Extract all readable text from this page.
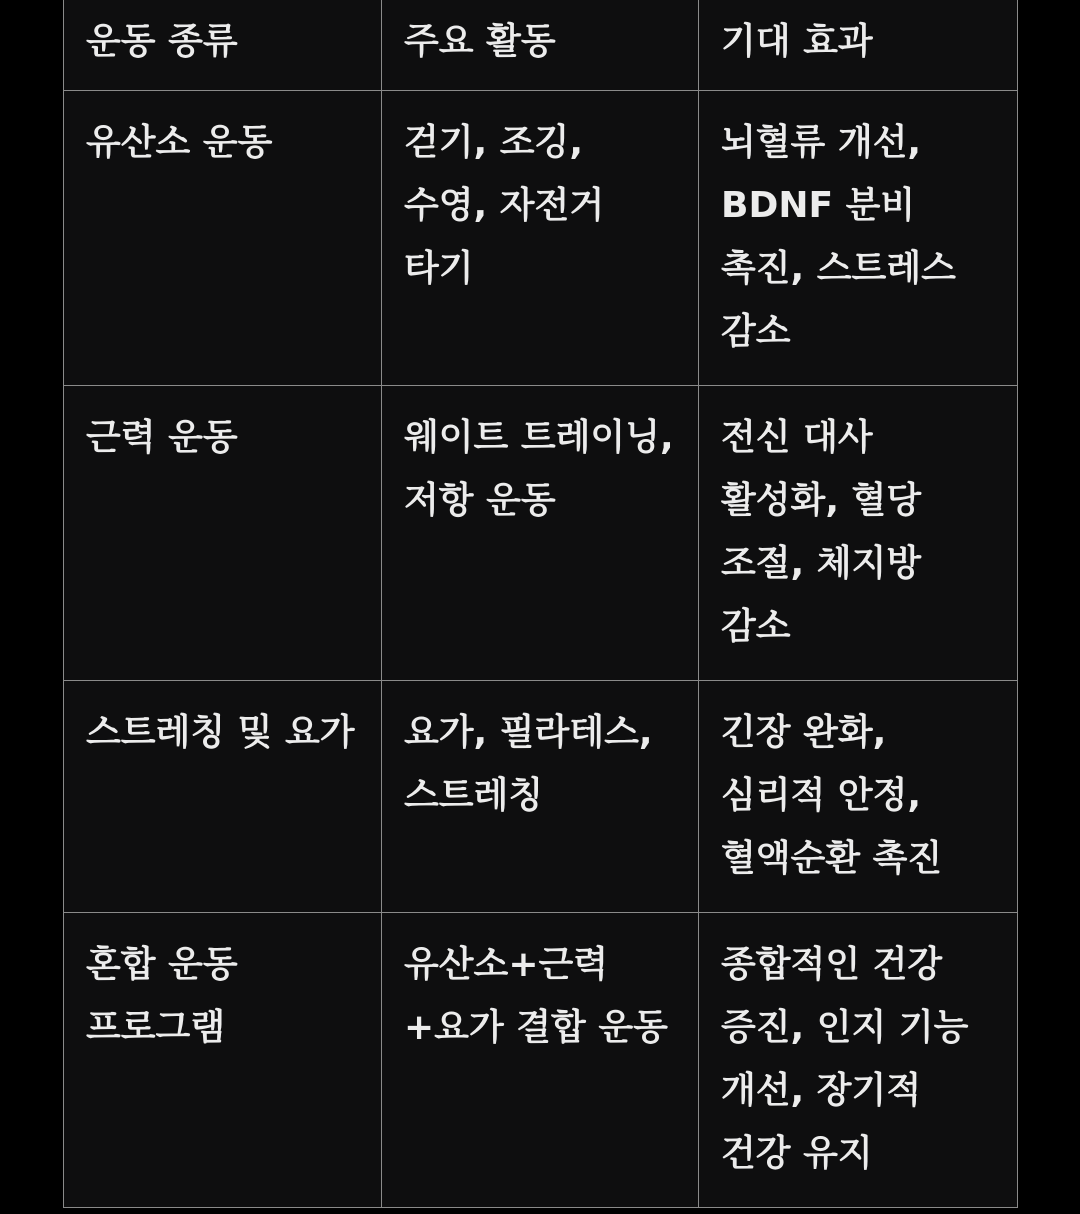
운동 종류	주요 활동	기대 효과

유산소 운동	걷기, 조깅, 수영, 자전거 타기	뇌혈류 개선, BDNF 분비 촉진, 스트레스 감소

근력 운동	웨이트 트레이닝, 저항 운동	전신 대사 활성화, 혈당 조절, 체지방 감소

스트레칭 및 요가	요가, 필라테스, 스트레칭	긴장 완화, 심리적 안정, 혈액순환 촉진

혼합 운동 프로그램	유산소+근력+요가 결합 운동	종합적인 건강 증진, 인지 기능 개선, 장기적 건강 유지
